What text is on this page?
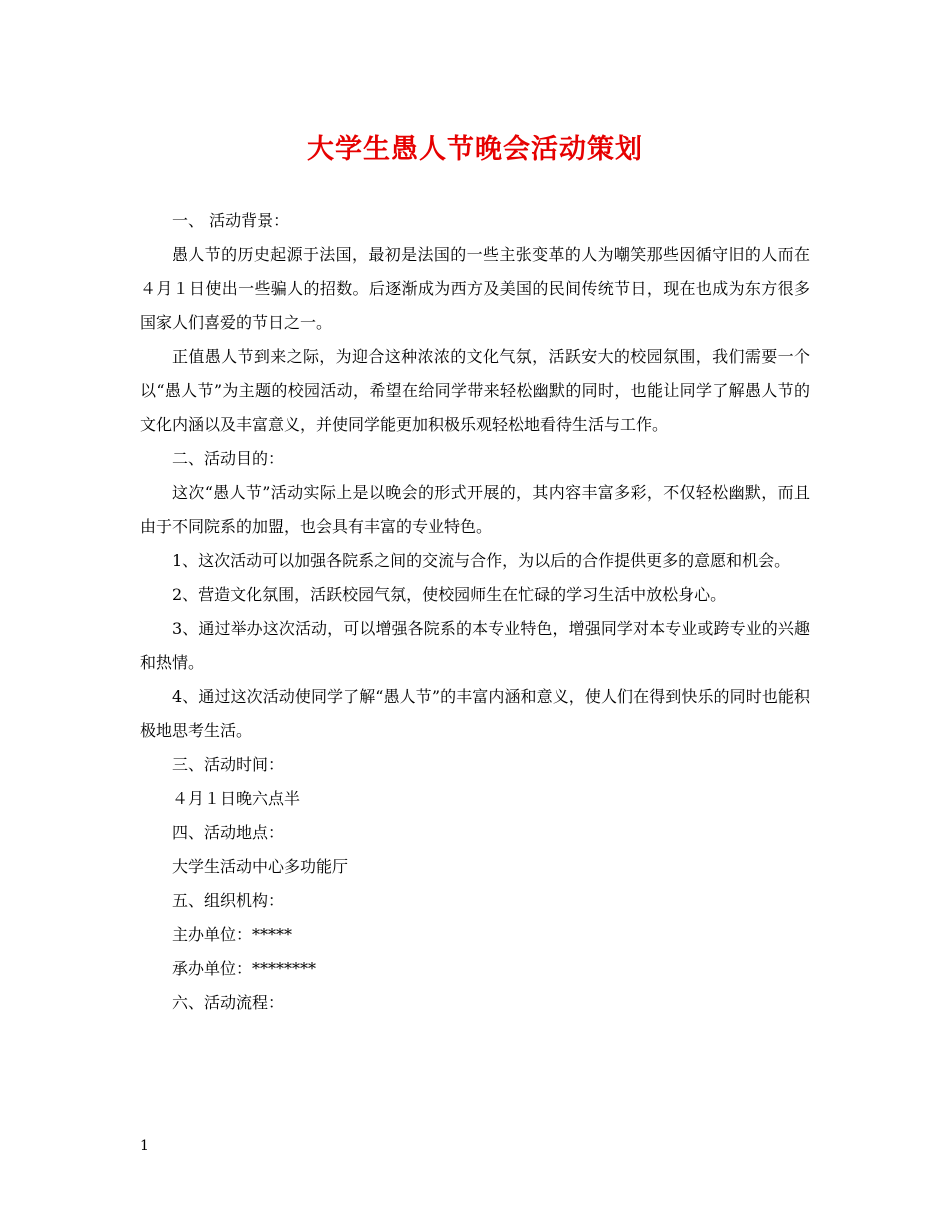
大学生愚人节晚会活动策划

一、 活动背景：

愚人节的历史起源于法国，最初是法国的一些主张变革的人为嘲笑那些因循守旧的人而在４月１日使出一些骗人的招数。后逐渐成为西方及美国的民间传统节日，现在也成为东方很多国家人们喜爱的节日之一。

正值愚人节到来之际，为迎合这种浓浓的文化气氛，活跃安大的校园氛围，我们需要一个以“愚人节”为主题的校园活动，希望在给同学带来轻松幽默的同时，也能让同学了解愚人节的文化内涵以及丰富意义，并使同学能更加积极乐观轻松地看待生活与工作。

二、活动目的：

这次“愚人节”活动实际上是以晚会的形式开展的，其内容丰富多彩，不仅轻松幽默，而且由于不同院系的加盟，也会具有丰富的专业特色。

1、这次活动可以加强各院系之间的交流与合作，为以后的合作提供更多的意愿和机会。

2、营造文化氛围，活跃校园气氛，使校园师生在忙碌的学习生活中放松身心。

3、通过举办这次活动，可以增强各院系的本专业特色，增强同学对本专业或跨专业的兴趣和热情。

4、通过这次活动使同学了解“愚人节”的丰富内涵和意义，使人们在得到快乐的同时也能积极地思考生活。

三、活动时间：

４月１日晚六点半

四、活动地点：

大学生活动中心多功能厅

五、组织机构：

主办单位：*****

承办单位：********

六、活动流程：

1
